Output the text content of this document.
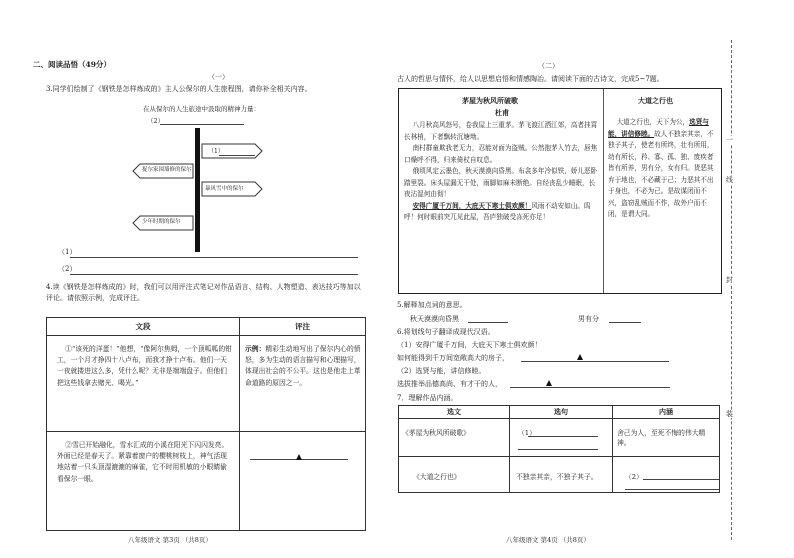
二、阅读品悟（49分）
（一）
3.同学们绘制了《钢铁是怎样炼成的》主人公保尔的人生旅程图，请你补全相关内容。
在从保尔的人生旅途中汲取的精神力量：
（2）
（1）
捉尔家围墙修的保尔
暴风雪中的保尔
少年时期的保尔
（1）
（2）
4.读《钢铁是怎样炼成的》时，我们可以用评注式笔记对作品语言、结构、人物塑造、表达技巧等加以评论。请依照示例，完成评注。
文段	评注

①“该死的洋蛋！”他想，“像阿尔焦姆，一个顶呱呱的钳工，一个月才挣四十八卢布，而我才挣十卢布。他们一天一夜就搂进这么多，凭什么呢？无非是端端盘子。但他们把这些钱拿去赌光、喝光。”	示例：精彩生动地写出了保尔内心的愤怒，多为生动的语言描写和心理描写，体现出社会的不公平。这也是他走上革命道路的原因之一。

②雪已开始融化，雪水汇成的小溪在阳光下闪闪发亮。外面已经是春天了。紧靠着窗户的樱桃树枝上，神气活现地站着一只头顶湿漉漉的麻雀，它不时用机敏的小眼睛偷看保尔一眼。	

八年级语文 第3页 （共8页）
（二）
古人的哲思与情怀，给人以思想启悟和情感陶冶。请阅读下面的古诗文，完成5~7题。
茅屋为秋风所破歌
杜甫
八月秋高风怒号，卷我屋上三重茅。茅飞渡江洒江郊，高者挂罥长林梢，下者飘转沉塘坳。
南村群童欺我老无力，忍能对面为盗贼。公然抱茅入竹去，唇焦口燥呼不得，归来倚杖自叹息。
俄顷风定云墨色，秋天漠漠向昏黑。布衾多年冷似铁，娇儿恶卧踏里裂。床头屋漏无干处，雨脚如麻未断绝。自经丧乱少睡眠，长夜沾湿何由彻！
安得广厦千万间，大庇天下寒士俱欢颜！风雨不动安如山。呜呼！何时眼前突兀见此屋，吾庐独破受冻死亦足！
大道之行也
大道之行也，天下为公，选贤与能，讲信修睦。故人不独亲其亲，不独子其子，使老有所终，壮有所用，幼有所长，矜、寡、孤、独、废疾者皆有所养，男有分，女有归。货恶其弃于地也，不必藏于己；力恶其不出于身也，不必为己。是故谋闭而不兴，盗窃乱贼而不作，故外户而不闭，是谓大同。
5.解释加点词的意思。
秋天漠漠向昏黑	男有分
6.将划线句子翻译成现代汉语。
（1）安得广厦千万间，大庇天下寒士俱欢颜！
如何能得到千万间宽敞高大的房子，
（2）选贤与能，讲信修睦。
选拔推举品德高尚、有才干的人，
7．理解作品内涵。
选文	选句	内涵
《茅屋为秋风所破歌》	（1）	舍己为人，至死不悔的伟大精神。
《大道之行也》	不独亲其亲，不独子其子。	（2）
八年级语文 第4页 （共8页）
一
线
封
装
